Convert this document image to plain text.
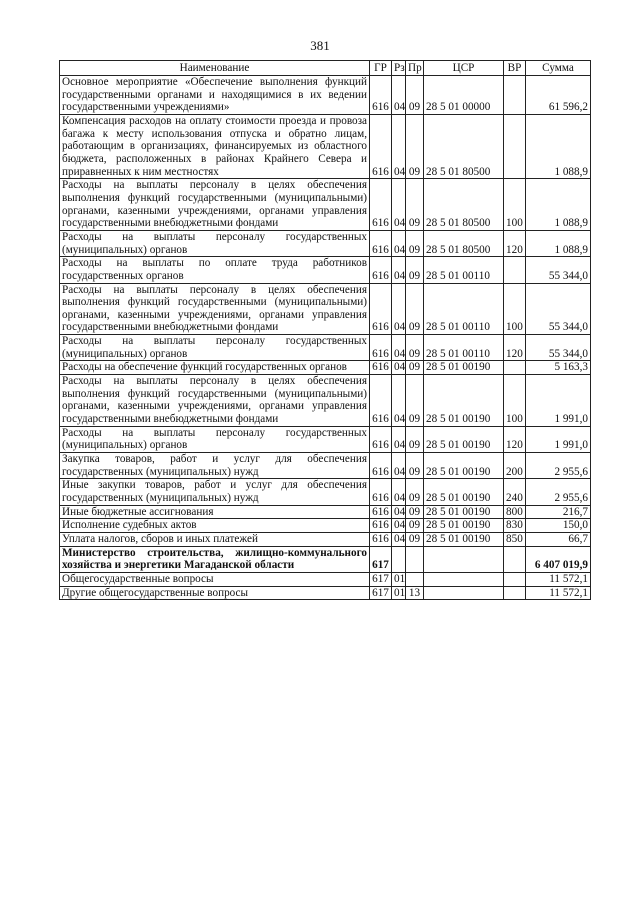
381
Наименование	ГР	Рз	Пр	ЦСР	ВР	Сумма
Основное мероприятие «Обеспечение выполнения функций государственными органами и находящимися в их ведении государственными учреждениями»	616	04	09	28 5 01 00000		61 596,2
Компенсация расходов на оплату стоимости проезда и провоза багажа к месту использования отпуска и обратно лицам, работающим в организациях, финансируемых из областного бюджета, расположенных в районах Крайнего Севера и приравненных к ним местностях	616	04	09	28 5 01 80500		1 088,9
Расходы на выплаты персоналу в целях обеспечения выполнения функций государственными (муниципальными) органами, казенными учреждениями, органами управления государственными внебюджетными фондами	616	04	09	28 5 01 80500	100	1 088,9
Расходы на выплаты персоналу государственных (муниципальных) органов	616	04	09	28 5 01 80500	120	1 088,9
Расходы на выплаты по оплате труда работников государственных органов	616	04	09	28 5 01 00110		55 344,0
Расходы на выплаты персоналу в целях обеспечения выполнения функций государственными (муниципальными) органами, казенными учреждениями, органами управления государственными внебюджетными фондами	616	04	09	28 5 01 00110	100	55 344,0
Расходы на выплаты персоналу государственных (муниципальных) органов	616	04	09	28 5 01 00110	120	55 344,0
Расходы на обеспечение функций государственных органов	616	04	09	28 5 01 00190		5 163,3
Расходы на выплаты персоналу в целях обеспечения выполнения функций государственными (муниципальными) органами, казенными учреждениями, органами управления государственными внебюджетными фондами	616	04	09	28 5 01 00190	100	1 991,0
Расходы на выплаты персоналу государственных (муниципальных) органов	616	04	09	28 5 01 00190	120	1 991,0
Закупка товаров, работ и услуг для обеспечения государственных (муниципальных) нужд	616	04	09	28 5 01 00190	200	2 955,6
Иные закупки товаров, работ и услуг для обеспечения государственных (муниципальных) нужд	616	04	09	28 5 01 00190	240	2 955,6
Иные бюджетные ассигнования	616	04	09	28 5 01 00190	800	216,7
Исполнение судебных актов	616	04	09	28 5 01 00190	830	150,0
Уплата налогов, сборов и иных платежей	616	04	09	28 5 01 00190	850	66,7
Министерство строительства, жилищно-коммунального хозяйства и энергетики Магаданской области	617					6 407 019,9
Общегосударственные вопросы	617	01				11 572,1
Другие общегосударственные вопросы	617	01	13			11 572,1
